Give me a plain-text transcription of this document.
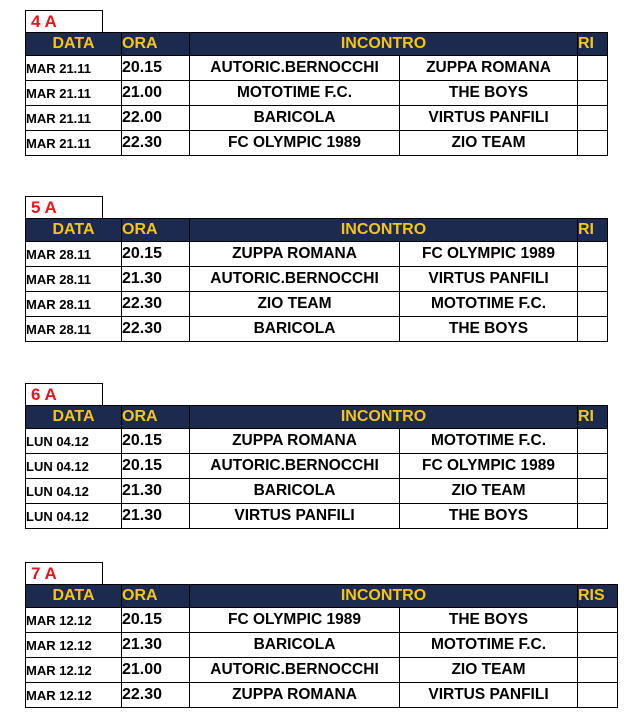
4 A
DATA	ORA	INCONTRO		RI
MAR 21.11	20.15	AUTORIC.BERNOCCHI	ZUPPA ROMANA	
MAR 21.11	21.00	MOTOTIME F.C.	THE BOYS	
MAR 21.11	22.00	BARICOLA	VIRTUS PANFILI	
MAR 21.11	22.30	FC OLYMPIC 1989	ZIO TEAM	
5 A
DATA	ORA	INCONTRO		RI
MAR 28.11	20.15	ZUPPA ROMANA	FC OLYMPIC 1989	
MAR 28.11	21.30	AUTORIC.BERNOCCHI	VIRTUS PANFILI	
MAR 28.11	22.30	ZIO TEAM	MOTOTIME F.C.	
MAR 28.11	22.30	BARICOLA	THE BOYS	
6 A
DATA	ORA	INCONTRO		RI
LUN 04.12	20.15	ZUPPA ROMANA	MOTOTIME F.C.	
LUN 04.12	20.15	AUTORIC.BERNOCCHI	FC OLYMPIC 1989	
LUN 04.12	21.30	BARICOLA	ZIO TEAM	
LUN 04.12	21.30	VIRTUS PANFILI	THE BOYS	
7 A
DATA	ORA	INCONTRO		RIS
MAR 12.12	20.15	FC OLYMPIC 1989	THE BOYS	
MAR 12.12	21.30	BARICOLA	MOTOTIME F.C.	
MAR 12.12	21.00	AUTORIC.BERNOCCHI	ZIO TEAM	
MAR 12.12	22.30	ZUPPA ROMANA	VIRTUS PANFILI	
